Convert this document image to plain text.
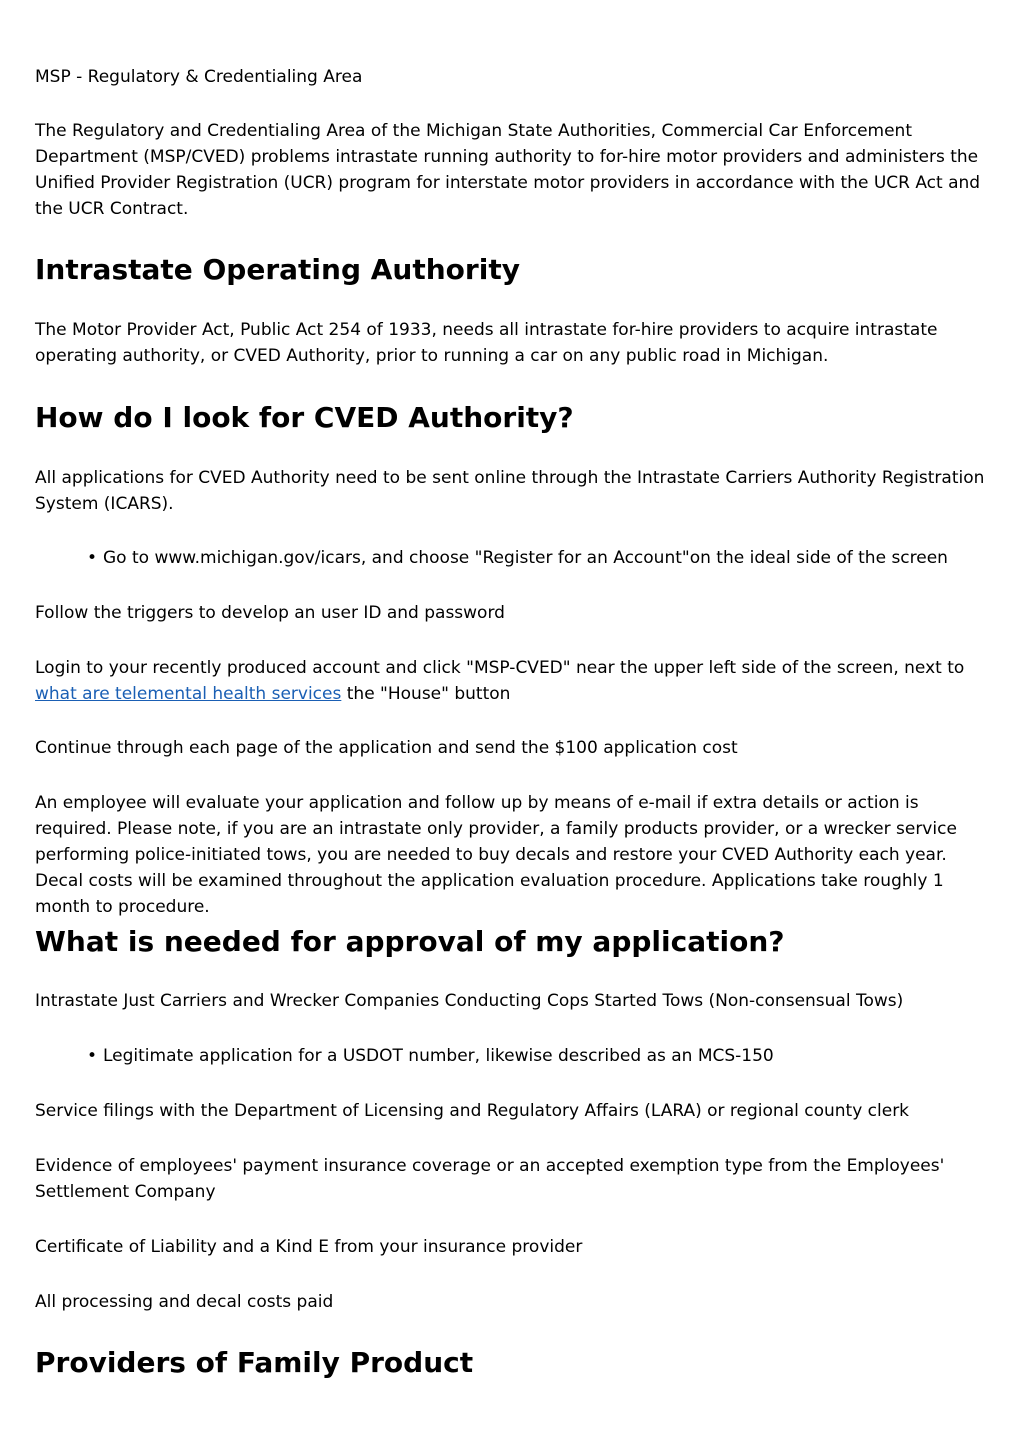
MSP - Regulatory & Credentialing Area

The Regulatory and Credentialing Area of the Michigan State Authorities, Commercial Car Enforcement Department (MSP/CVED) problems intrastate running authority to for-hire motor providers and administers the Unified Provider Registration (UCR) program for interstate motor providers in accordance with the UCR Act and the UCR Contract.

Intrastate Operating Authority

The Motor Provider Act, Public Act 254 of 1933, needs all intrastate for-hire providers to acquire intrastate operating authority, or CVED Authority, prior to running a car on any public road in Michigan.

How do I look for CVED Authority?

All applications for CVED Authority need to be sent online through the Intrastate Carriers Authority Registration System (ICARS).

• Go to www.michigan.gov/icars, and choose "Register for an Account"on the ideal side of the screen

Follow the triggers to develop an user ID and password

Login to your recently produced account and click "MSP-CVED" near the upper left side of the screen, next to
what are telemental health services the "House" button

Continue through each page of the application and send the $100 application cost

An employee will evaluate your application and follow up by means of e-mail if extra details or action is required. Please note, if you are an intrastate only provider, a family products provider, or a wrecker service performing police-initiated tows, you are needed to buy decals and restore your CVED Authority each year. Decal costs will be examined throughout the application evaluation procedure. Applications take roughly 1 month to procedure.

What is needed for approval of my application?

Intrastate Just Carriers and Wrecker Companies Conducting Cops Started Tows (Non-consensual Tows)

• Legitimate application for a USDOT number, likewise described as an MCS-150

Service filings with the Department of Licensing and Regulatory Affairs (LARA) or regional county clerk

Evidence of employees' payment insurance coverage or an accepted exemption type from the Employees' Settlement Company

Certificate of Liability and a Kind E from your insurance provider

All processing and decal costs paid

Providers of Family Product
